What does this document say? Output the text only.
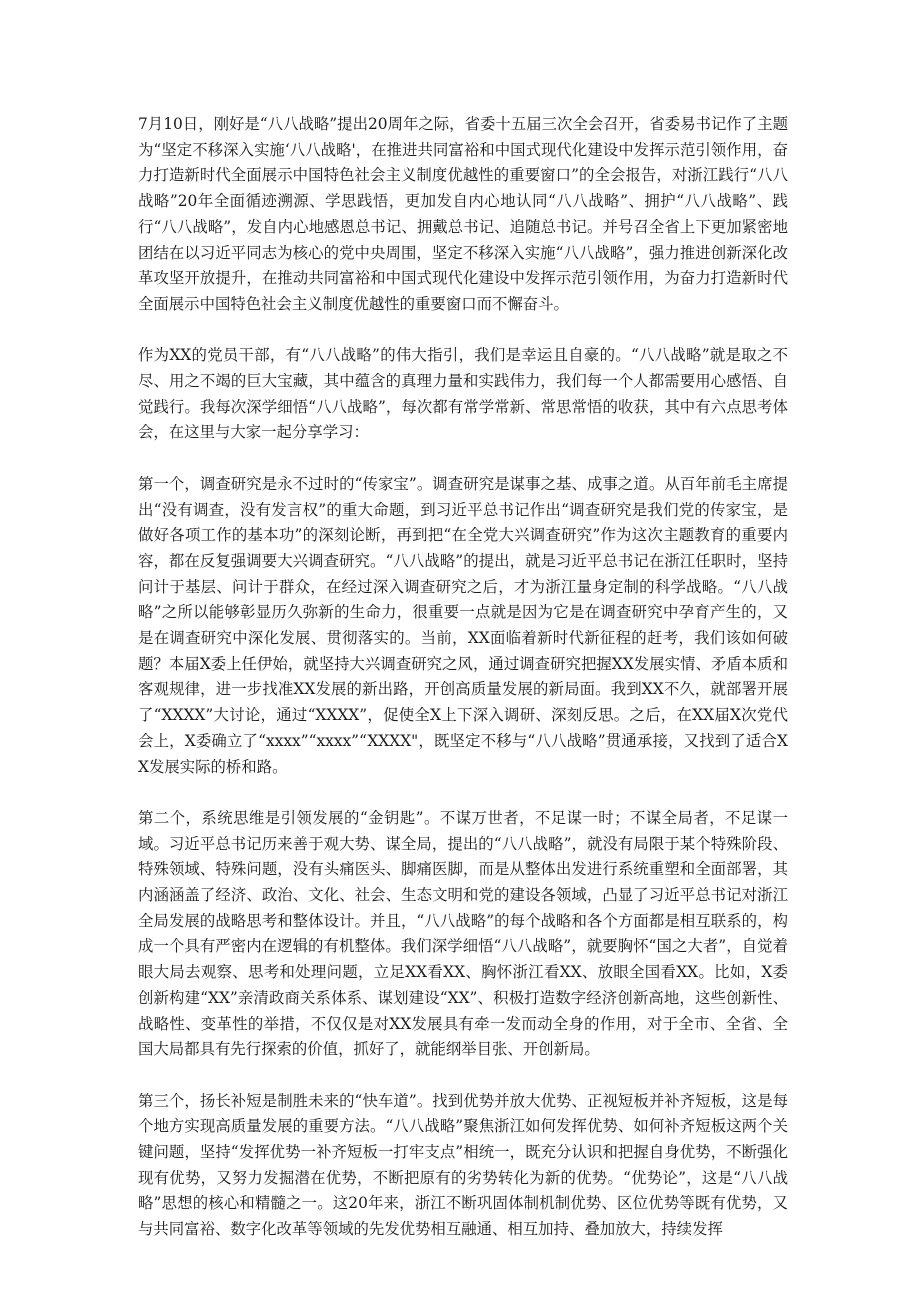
7月10日，刚好是“八八战略”提出20周年之际，省委十五届三次全会召开，省委易书记作了主题为“坚定不移深入实施‘八八战略'，在推进共同富裕和中国式现代化建设中发挥示范引领作用，奋力打造新时代全面展示中国特色社会主义制度优越性的重要窗口”的全会报告，对浙江践行“八八战略”20年全面循迹溯源、学思践悟，更加发自内心地认同“八八战略”、拥护“八八战略”、践行“八八战略”，发自内心地感恩总书记、拥戴总书记、追随总书记。并号召全省上下更加紧密地团结在以习近平同志为核心的党中央周围，坚定不移深入实施“八八战略”，强力推进创新深化改革攻坚开放提升，在推动共同富裕和中国式现代化建设中发挥示范引领作用，为奋力打造新时代全面展示中国特色社会主义制度优越性的重要窗口而不懈奋斗。

作为XX的党员干部，有“八八战略”的伟大指引，我们是幸运且自豪的。“八八战略”就是取之不尽、用之不竭的巨大宝藏，其中蕴含的真理力量和实践伟力，我们每一个人都需要用心感悟、自觉践行。我每次深学细悟“八八战略”，每次都有常学常新、常思常悟的收获，其中有六点思考体会，在这里与大家一起分享学习：

第一个，调查研究是永不过时的“传家宝”。调查研究是谋事之基、成事之道。从百年前毛主席提出“没有调查，没有发言权”的重大命题，到习近平总书记作出“调查研究是我们党的传家宝，是做好各项工作的基本功”的深刻论断，再到把“在全党大兴调查研究”作为这次主题教育的重要内容，都在反复强调要大兴调查研究。“八八战略”的提出，就是习近平总书记在浙江任职时，坚持问计于基层、问计于群众，在经过深入调查研究之后，才为浙江量身定制的科学战略。“八八战略”之所以能够彰显历久弥新的生命力，很重要一点就是因为它是在调查研究中孕育产生的，又是在调查研究中深化发展、贯彻落实的。当前，XX面临着新时代新征程的赶考，我们该如何破题？本届X委上任伊始，就坚持大兴调查研究之风，通过调查研究把握XX发展实情、矛盾本质和客观规律，进一步找准XX发展的新出路，开创高质量发展的新局面。我到XX不久，就部署开展了“XXXX”大讨论，通过“XXXX”，促使全X上下深入调研、深刻反思。之后，在XX届X次党代会上，X委确立了“xxxx”“xxxx”“XXXX"，既坚定不移与“八八战略”贯通承接，又找到了适合XX发展实际的桥和路。

第二个，系统思维是引领发展的“金钥匙”。不谋万世者，不足谋一时；不谋全局者，不足谋一域。习近平总书记历来善于观大势、谋全局，提出的“八八战略”，就没有局限于某个特殊阶段、特殊领域、特殊问题，没有头痛医头、脚痛医脚，而是从整体出发进行系统重塑和全面部署，其内涵涵盖了经济、政治、文化、社会、生态文明和党的建设各领域，凸显了习近平总书记对浙江全局发展的战略思考和整体设计。并且，“八八战略”的每个战略和各个方面都是相互联系的，构成一个具有严密内在逻辑的有机整体。我们深学细悟“八八战略”，就要胸怀“国之大者”，自觉着眼大局去观察、思考和处理问题，立足XX看XX、胸怀浙江看XX、放眼全国看XX。比如，X委创新构建“XX”亲清政商关系体系、谋划建设“XX”、积极打造数字经济创新高地，这些创新性、战略性、变革性的举措，不仅仅是对XX发展具有牵一发而动全身的作用，对于全市、全省、全国大局都具有先行探索的价值，抓好了，就能纲举目张、开创新局。

第三个，扬长补短是制胜未来的“快车道”。找到优势并放大优势、正视短板并补齐短板，这是每个地方实现高质量发展的重要方法。“八八战略”聚焦浙江如何发挥优势、如何补齐短板这两个关键问题，坚持“发挥优势一补齐短板一打牢支点”相统一，既充分认识和把握自身优势，不断强化现有优势，又努力发掘潜在优势，不断把原有的劣势转化为新的优势。“优势论”，这是“八八战略”思想的核心和精髓之一。这20年来，浙江不断巩固体制机制优势、区位优势等既有优势，又与共同富裕、数字化改革等领域的先发优势相互融通、相互加持、叠加放大，持续发挥
